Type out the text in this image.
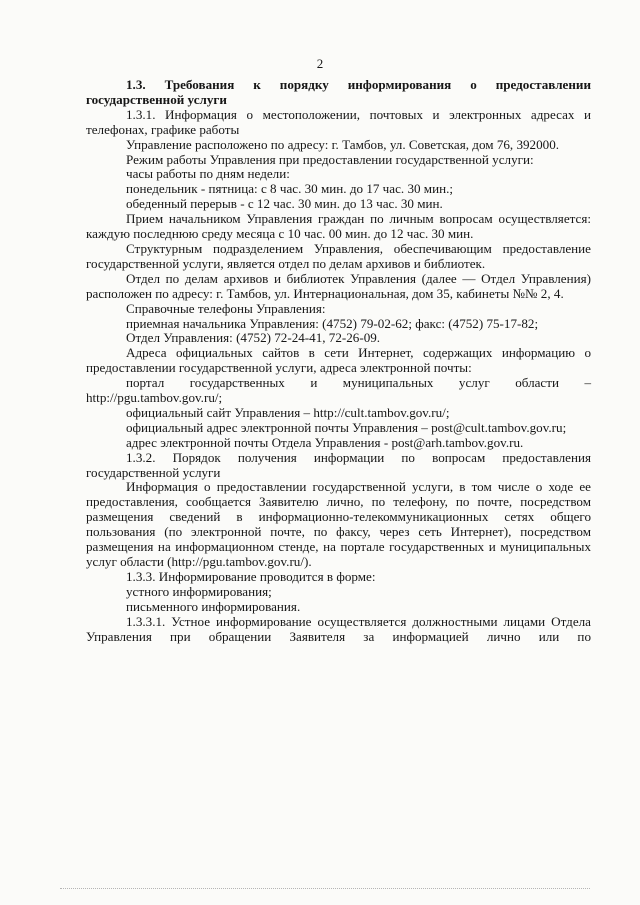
2

1.3. Требования к порядку информирования о предоставлении государственной услуги

1.3.1. Информация о местоположении, почтовых и электронных адресах и телефонах, графике работы

Управление расположено по адресу: г. Тамбов, ул. Советская, дом 76, 392000.

Режим работы Управления при предоставлении государственной услуги:

часы работы по дням недели:

понедельник - пятница: с 8 час. 30 мин. до 17 час. 30 мин.;

обеденный перерыв - с 12 час. 30 мин. до 13 час. 30 мин.

Прием начальником Управления граждан по личным вопросам осуществляется: каждую последнюю среду месяца с 10 час. 00 мин. до 12 час. 30 мин.

Структурным подразделением Управления, обеспечивающим предоставление государственной услуги, является отдел по делам архивов и библиотек.

Отдел по делам архивов и библиотек Управления (далее — Отдел Управления) расположен по адресу: г. Тамбов, ул. Интернациональная, дом 35, кабинеты №№ 2, 4.

Справочные телефоны Управления:

приемная начальника Управления: (4752) 79-02-62; факс: (4752) 75-17-82;

Отдел Управления: (4752) 72-24-41, 72-26-09.

Адреса официальных сайтов в сети Интернет, содержащих информацию о предоставлении государственной услуги, адреса электронной почты:

портал государственных и муниципальных услуг области – http://pgu.tambov.gov.ru/;

официальный сайт Управления – http://cult.tambov.gov.ru/;

официальный адрес электронной почты Управления – post@cult.tambov.gov.ru;

адрес электронной почты Отдела Управления - post@arh.tambov.gov.ru.

1.3.2. Порядок получения информации по вопросам предоставления государственной услуги

Информация о предоставлении государственной услуги, в том числе о ходе ее предоставления, сообщается Заявителю лично, по телефону, по почте, посредством размещения сведений в информационно-телекоммуникационных сетях общего пользования (по электронной почте, по факсу, через сеть Интернет), посредством размещения на информационном стенде, на портале государственных и муниципальных услуг области (http://pgu.tambov.gov.ru/).

1.3.3. Информирование проводится в форме:

устного информирования;

письменного информирования.

1.3.3.1. Устное информирование осуществляется должностными лицами Отдела Управления при обращении Заявителя за информацией лично или по
